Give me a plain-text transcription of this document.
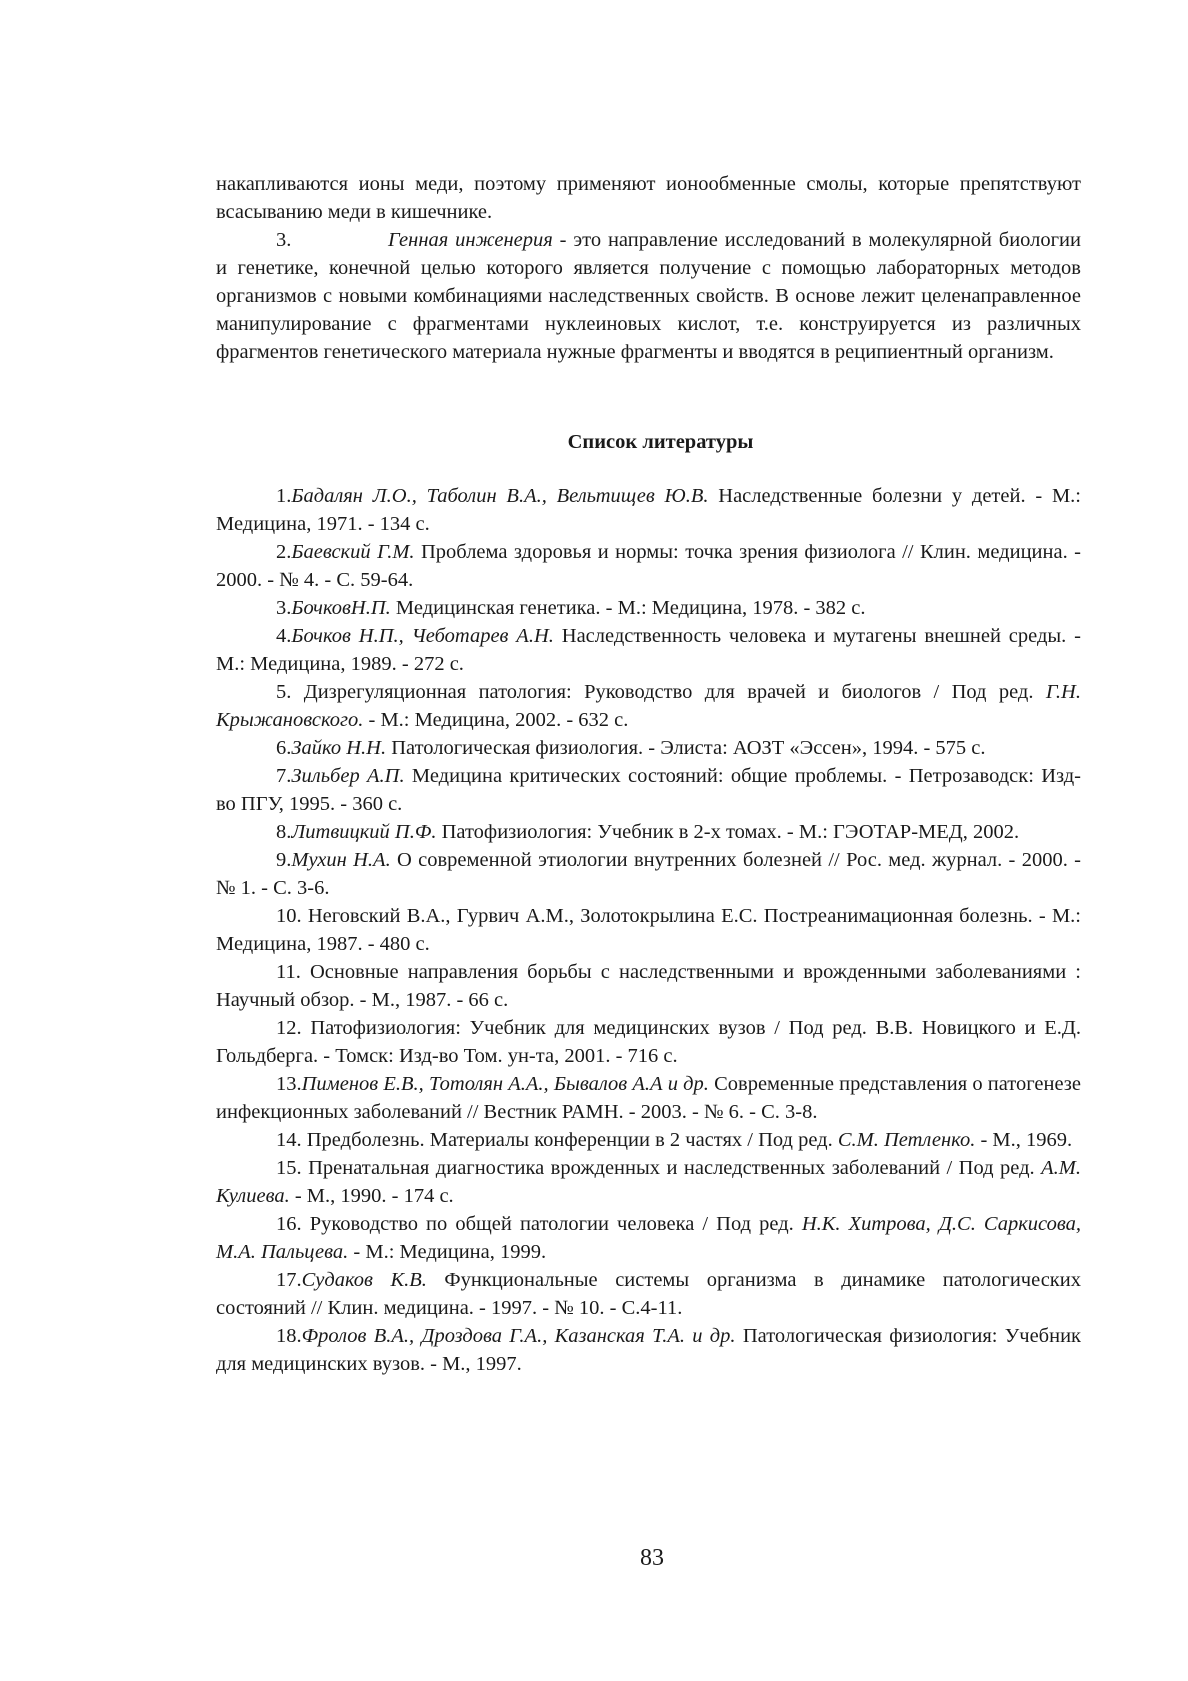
накапливаются ионы меди, поэтому применяют ионообменные смолы, которые препятствуют всасыванию меди в кишечнике.

3.	Генная инженерия - это направление исследований в молекулярной биологии и генетике, конечной целью которого является получение с помощью лабораторных методов организмов с новыми комбинациями наследственных свойств. В основе лежит целенаправленное манипулирование с фрагментами нуклеиновых кислот, т.е. конструируется из различных фрагментов генетического материала нужные фрагменты и вводятся в реципиентный организм.

Список литературы

1.Бадалян Л.О., Таболин В.А., Вельтищев Ю.В. Наследственные болезни у детей. - М.: Медицина, 1971. - 134 с.

2.Баевский Г.М. Проблема здоровья и нормы: точка зрения физиолога // Клин. медицина. - 2000. - № 4. - С. 59-64.

3.БочковН.П. Медицинская генетика. - М.: Медицина, 1978. - 382 с.

4.Бочков Н.П., Чеботарев А.Н. Наследственность человека и мутагены внешней среды. - М.: Медицина, 1989. - 272 с.

5. Дизрегуляционная патология: Руководство для врачей и биологов / Под ред. Г.Н. Крыжановского. - М.: Медицина, 2002. - 632 с.

6.Зайко Н.Н. Патологическая физиология. - Элиста: АОЗТ «Эссен», 1994. - 575 с.

7.Зильбер А.П. Медицина критических состояний: общие проблемы. - Петрозаводск: Изд-во ПГУ, 1995. - 360 с.

8.Литвицкий П.Ф. Патофизиология: Учебник в 2-х томах. - М.: ГЭОТАР-МЕД, 2002.

9.Мухин Н.А. О современной этиологии внутренних болезней // Рос. мед. журнал. - 2000. - № 1. - С. 3-6.

10. Неговский В.А., Гурвич А.М., Золотокрылина Е.С. Постреанимационная болезнь. - М.: Медицина, 1987. - 480 с.

11. Основные направления борьбы с наследственными и врожденными заболеваниями : Научный обзор. - М., 1987. - 66 с.

12. Патофизиология: Учебник для медицинских вузов / Под ред. В.В. Новицкого и Е.Д. Гольдберга. - Томск: Изд-во Том. ун-та, 2001. - 716 с.

13.Пименов Е.В., Тотолян А.А., Бывалов А.А и др. Современные представления о патогенезе инфекционных заболеваний // Вестник РАМН. - 2003. - № 6. - С. 3-8.

14. Предболезнь. Материалы конференции в 2 частях / Под ред. С.М. Петленко. - М., 1969.

15. Пренатальная диагностика врожденных и наследственных заболеваний / Под ред. А.М. Кулиева. - М., 1990. - 174 с.

16. Руководство по общей патологии человека / Под ред. Н.К. Хитрова, Д.С. Саркисова, М.А. Пальцева. - М.: Медицина, 1999.

17.Судаков К.В. Функциональные системы организма в динамике патологических состояний // Клин. медицина. - 1997. - № 10. - С.4-11.

18.Фролов В.А., Дроздова Г.А., Казанская Т.А. и др. Патологическая физиология: Учебник для медицинских вузов. - М., 1997.

83
